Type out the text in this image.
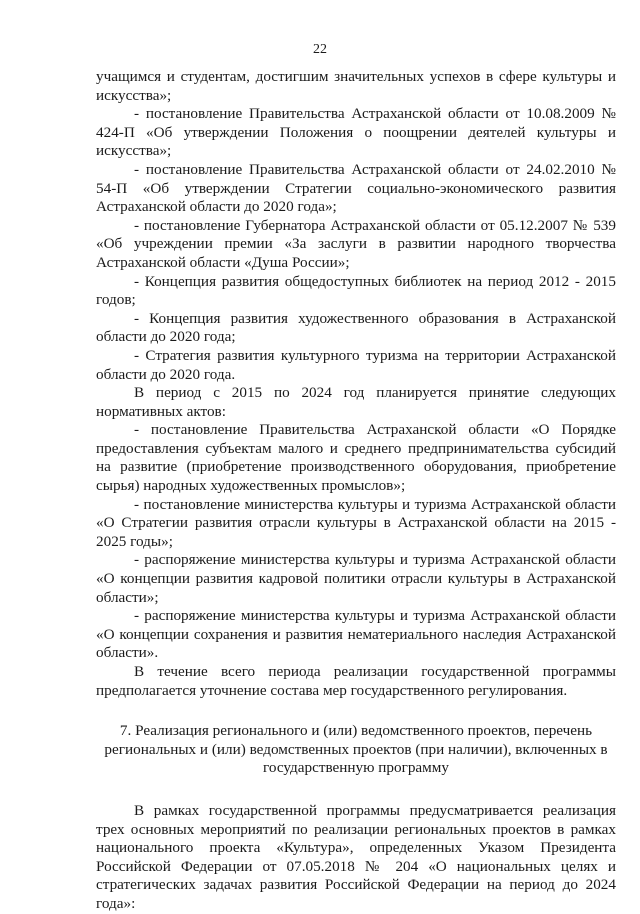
22

учащимся и студентам, достигшим значительных успехов в сфере культуры и искусства»;

- постановление Правительства Астраханской области от 10.08.2009 № 424-П «Об утверждении Положения о поощрении деятелей культуры и искусства»;

- постановление Правительства Астраханской области от 24.02.2010 № 54-П «Об утверждении Стратегии социально-экономического развития Астраханской области до 2020 года»;

- постановление Губернатора Астраханской области от 05.12.2007 № 539 «Об учреждении премии «За заслуги в развитии народного творчества Астраханской области «Душа России»;

- Концепция развития общедоступных библиотек на период 2012 - 2015 годов;

- Концепция развития художественного образования в Астраханской области до 2020 года;

- Стратегия развития культурного туризма на территории Астраханской области до 2020 года.

В период с 2015 по 2024 год планируется принятие следующих нормативных актов:

- постановление Правительства Астраханской области «О Порядке предоставления субъектам малого и среднего предпринимательства субсидий на развитие (приобретение производственного оборудования, приобретение сырья) народных художественных промыслов»;

- постановление министерства культуры и туризма Астраханской области «О Стратегии развития отрасли культуры в Астраханской области на 2015 - 2025 годы»;

- распоряжение министерства культуры и туризма Астраханской области «О концепции развития кадровой политики отрасли культуры в Астраханской области»;

- распоряжение министерства культуры и туризма Астраханской области «О концепции сохранения и развития нематериального наследия Астраханской области».

В течение всего периода реализации государственной программы предполагается уточнение состава мер государственного регулирования.

7. Реализация регионального и (или) ведомственного проектов, перечень региональных и (или) ведомственных проектов (при наличии), включенных в государственную программу

В рамках государственной программы предусматривается реализация трех основных мероприятий по реализации региональных проектов в рамках национального проекта «Культура», определенных Указом Президента Российской Федерации от 07.05.2018 № 204 «О национальных целях и стратегических задачах развития Российской Федерации на период до 2024 года»:
